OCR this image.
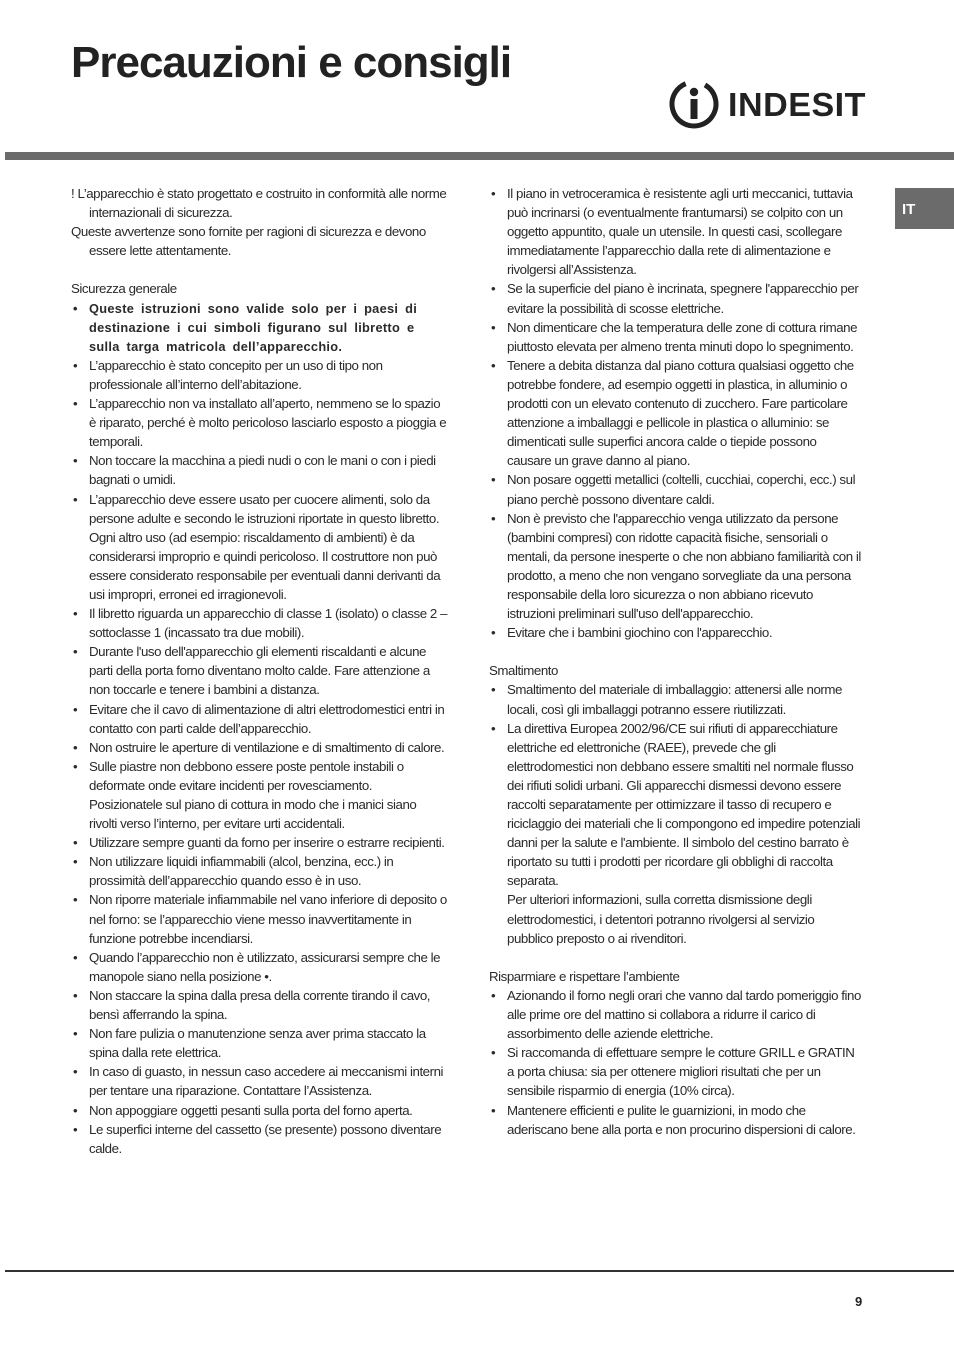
Precauzioni e consigli
INDESIT
IT

! L’apparecchio è stato progettato e costruito in conformità alle norme internazionali di sicurezza.

Queste avvertenze sono fornite per ragioni di sicurezza e devono essere lette attentamente.

Sicurezza generale

• Queste istruzioni sono valide solo per i paesi di destinazione i cui simboli figurano sul libretto e sulla targa matricola dell’apparecchio.
• L’apparecchio è stato concepito per un uso di tipo non professionale all’interno dell’abitazione.
• L’apparecchio non va installato all’aperto, nemmeno se lo spazio è riparato, perché è molto pericoloso lasciarlo esposto a pioggia e temporali.
• Non toccare la macchina a piedi nudi o con le mani o con i piedi bagnati o umidi.
• L’apparecchio deve essere usato per cuocere alimenti, solo da persone adulte e secondo le istruzioni riportate in questo libretto. Ogni altro uso (ad esempio: riscaldamento di ambienti) è da considerarsi improprio e quindi pericoloso. Il costruttore non può essere considerato responsabile per eventuali danni derivanti da usi impropri, erronei ed irragionevoli.
• Il libretto riguarda un apparecchio di classe 1 (isolato) o classe 2 – sottoclasse 1 (incassato tra due mobili).
• Durante l'uso dell'apparecchio gli elementi riscaldanti e alcune parti della porta forno diventano molto calde. Fare attenzione a non toccarle e tenere i bambini a distanza.
• Evitare che il cavo di alimentazione di altri elettrodomestici entri in contatto con parti calde dell’apparecchio.
• Non ostruire le aperture di ventilazione e di smaltimento di calore.
• Sulle piastre non debbono essere poste pentole instabili o deformate onde evitare incidenti per rovesciamento. Posizionatele sul piano di cottura in modo che i manici siano rivolti verso l’interno, per evitare urti accidentali.
• Utilizzare sempre guanti da forno per inserire o estrarre recipienti.
• Non utilizzare liquidi infiammabili (alcol, benzina, ecc.) in prossimità dell’apparecchio quando esso è in uso.
• Non riporre materiale infiammabile nel vano inferiore di deposito o nel forno: se l’apparecchio viene messo inavvertitamente in funzione potrebbe incendiarsi.
• Quando l’apparecchio non è utilizzato, assicurarsi sempre che le manopole siano nella posizione •.
• Non staccare la spina dalla presa della corrente tirando il cavo, bensì afferrando la spina.
• Non fare pulizia o manutenzione senza aver prima staccato la spina dalla rete elettrica.
• In caso di guasto, in nessun caso accedere ai meccanismi interni per tentare una riparazione. Contattare l’Assistenza.
• Non appoggiare oggetti pesanti sulla porta del forno aperta.
• Le superfici interne del cassetto (se presente) possono diventare calde.
• Il piano in vetroceramica è resistente agli urti meccanici, tuttavia può incrinarsi (o eventualmente frantumarsi) se colpito con un oggetto appuntito, quale un utensile. In questi casi, scollegare immediatamente l’apparecchio dalla rete di alimentazione e rivolgersi all’Assistenza.
• Se la superficie del piano è incrinata, spegnere l'apparecchio per evitare la possibilità di scosse elettriche.
• Non dimenticare che la temperatura delle zone di cottura rimane piuttosto elevata per almeno trenta minuti dopo lo spegnimento.
• Tenere a debita distanza dal piano cottura qualsiasi oggetto che potrebbe fondere, ad esempio oggetti in plastica, in alluminio o prodotti con un elevato contenuto di zucchero. Fare particolare attenzione a imballaggi e pellicole in plastica o alluminio: se dimenticati sulle superfici ancora calde o tiepide possono causare un grave danno al piano.
• Non posare oggetti metallici (coltelli, cucchiai, coperchi, ecc.) sul piano perchè possono diventare caldi.
• Non è previsto che l'apparecchio venga utilizzato da persone (bambini compresi) con ridotte capacità fisiche, sensoriali o mentali, da persone inesperte o che non abbiano familiarità con il prodotto, a meno che non vengano sorvegliate da una persona responsabile della loro sicurezza o non abbiano ricevuto istruzioni preliminari sull'uso dell'apparecchio.
• Evitare che i bambini giochino con l'apparecchio.

Smaltimento

• Smaltimento del materiale di imballaggio: attenersi alle norme locali, così gli imballaggi potranno essere riutilizzati.
• La direttiva Europea 2002/96/CE sui rifiuti di apparecchiature elettriche ed elettroniche (RAEE), prevede che gli elettrodomestici non debbano essere smaltiti nel normale flusso dei rifiuti solidi urbani. Gli apparecchi dismessi devono essere raccolti separatamente per ottimizzare il tasso di recupero e riciclaggio dei materiali che li compongono ed impedire potenziali danni per la salute e l'ambiente. Il simbolo del cestino barrato è riportato su tutti i prodotti per ricordare gli obblighi di raccolta separata.

Per ulteriori informazioni, sulla corretta dismissione degli elettrodomestici, i detentori potranno rivolgersi al servizio pubblico preposto o ai rivenditori.

Risparmiare e rispettare l’ambiente

• Azionando il forno negli orari che vanno dal tardo pomeriggio fino alle prime ore del mattino si collabora a ridurre il carico di assorbimento delle aziende elettriche.
• Si raccomanda di effettuare sempre le cotture GRILL e GRATIN a porta chiusa: sia per ottenere migliori risultati che per un sensibile risparmio di energia (10% circa).
• Mantenere efficienti e pulite le guarnizioni, in modo che aderiscano bene alla porta e non procurino dispersioni di calore.
9
